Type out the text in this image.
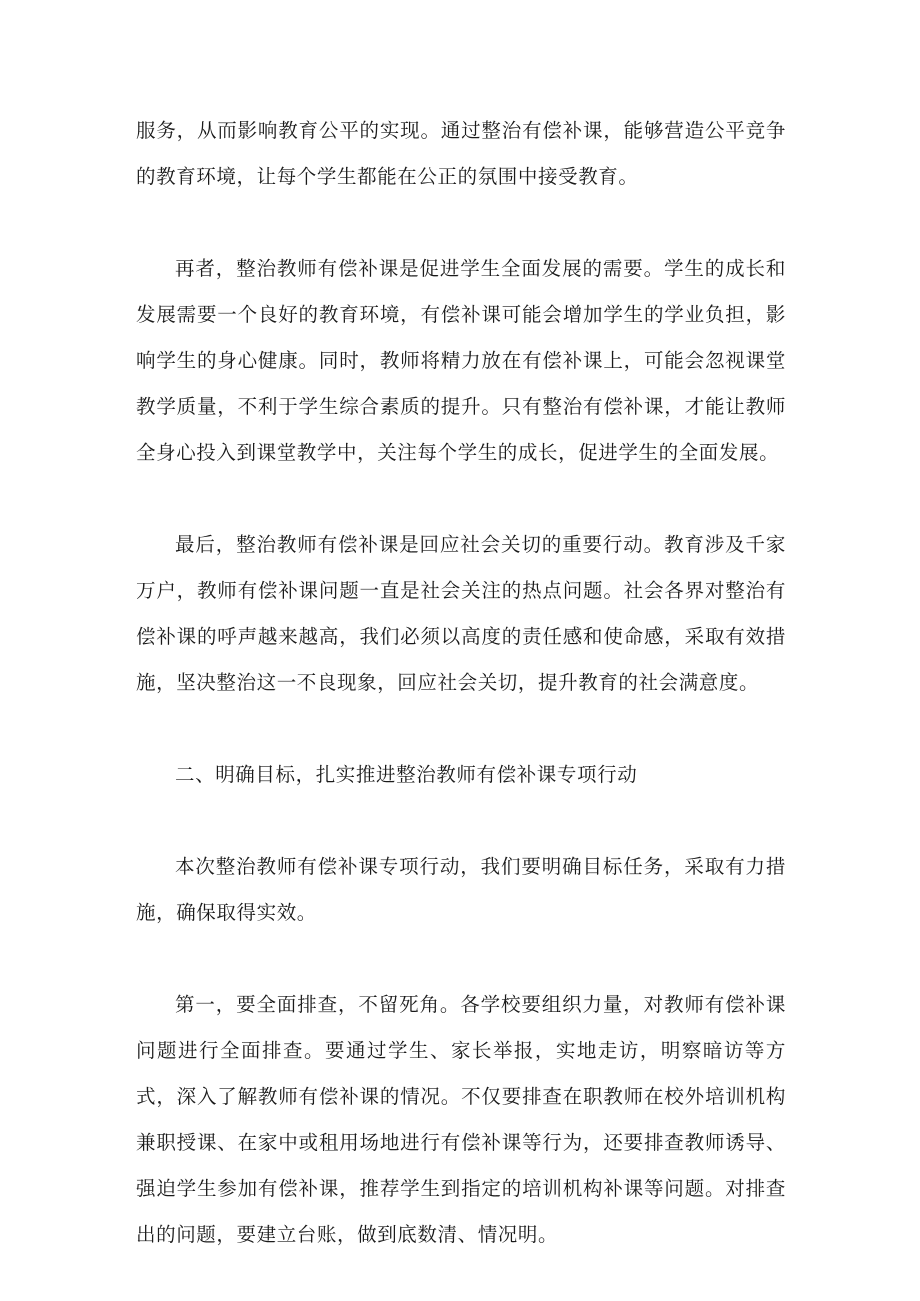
服务，从而影响教育公平的实现。通过整治有偿补课，能够营造公平竞争的教育环境，让每个学生都能在公正的氛围中接受教育。

再者，整治教师有偿补课是促进学生全面发展的需要。学生的成长和发展需要一个良好的教育环境，有偿补课可能会增加学生的学业负担，影响学生的身心健康。同时，教师将精力放在有偿补课上，可能会忽视课堂教学质量，不利于学生综合素质的提升。只有整治有偿补课，才能让教师全身心投入到课堂教学中，关注每个学生的成长，促进学生的全面发展。

最后，整治教师有偿补课是回应社会关切的重要行动。教育涉及千家万户，教师有偿补课问题一直是社会关注的热点问题。社会各界对整治有偿补课的呼声越来越高，我们必须以高度的责任感和使命感，采取有效措施，坚决整治这一不良现象，回应社会关切，提升教育的社会满意度。

二、明确目标，扎实推进整治教师有偿补课专项行动

本次整治教师有偿补课专项行动，我们要明确目标任务，采取有力措施，确保取得实效。

第一，要全面排查，不留死角。各学校要组织力量，对教师有偿补课问题进行全面排查。要通过学生、家长举报，实地走访，明察暗访等方式，深入了解教师有偿补课的情况。不仅要排查在职教师在校外培训机构兼职授课、在家中或租用场地进行有偿补课等行为，还要排查教师诱导、强迫学生参加有偿补课，推荐学生到指定的培训机构补课等问题。对排查出的问题，要建立台账，做到底数清、情况明。
